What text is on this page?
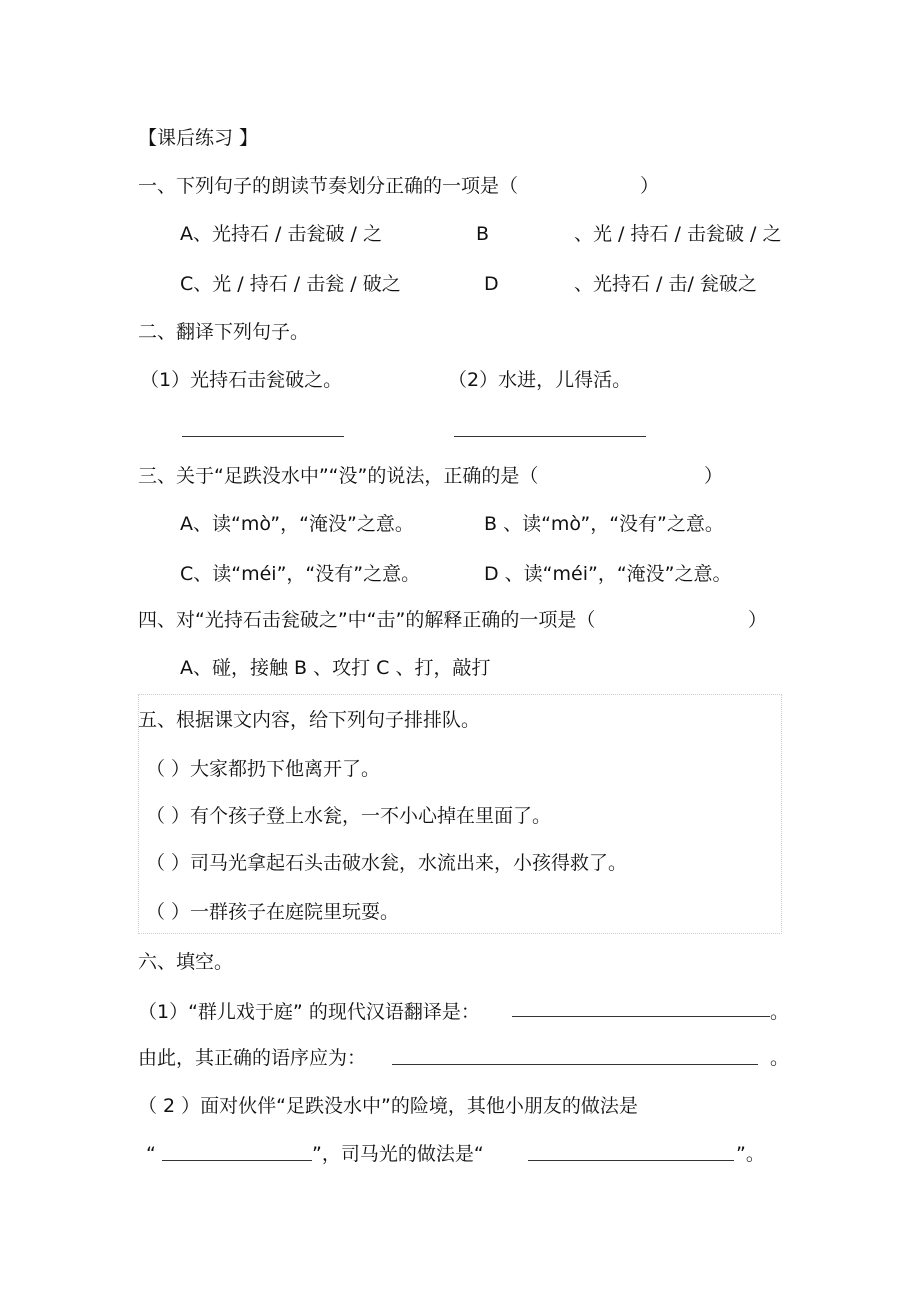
【课后练习 】
一、下列句子的朗读节奏划分正确的一项是（	）
A、光持石 / 击瓮破 / 之	B	、光 / 持石 / 击瓮破 / 之
C、光 / 持石 / 击瓮 / 破之	D	、光持石 / 击/ 瓮破之
二、翻译下列句子。
（1）光持石击瓮破之。	（2）水进，儿得活。
三、关于“足跌没水中”“没”的说法，正确的是（	）
A、读“mò”，“淹没”之意。	B 、读“mò”，“没有”之意。
C、读“méi”，“没有”之意。	D 、读“méi”，“淹没”之意。
四、对“光持石击瓮破之”中“击”的解释正确的一项是（	）
A、碰，接触 B 、攻打 C 、打，敲打
五、根据课文内容，给下列句子排排队。
（ ）大家都扔下他离开了。
（ ）有个孩子登上水瓮，一不小心掉在里面了。
（ ）司马光拿起石头击破水瓮，水流出来，小孩得救了。
（ ）一群孩子在庭院里玩耍。
六、填空。
（1）“群儿戏于庭” 的现代汉语翻译是：	。
由此，其正确的语序应为：	。
（ 2 ）面对伙伴“足跌没水中”的险境，其他小朋友的做法是
“	”，司马光的做法是“	”。
